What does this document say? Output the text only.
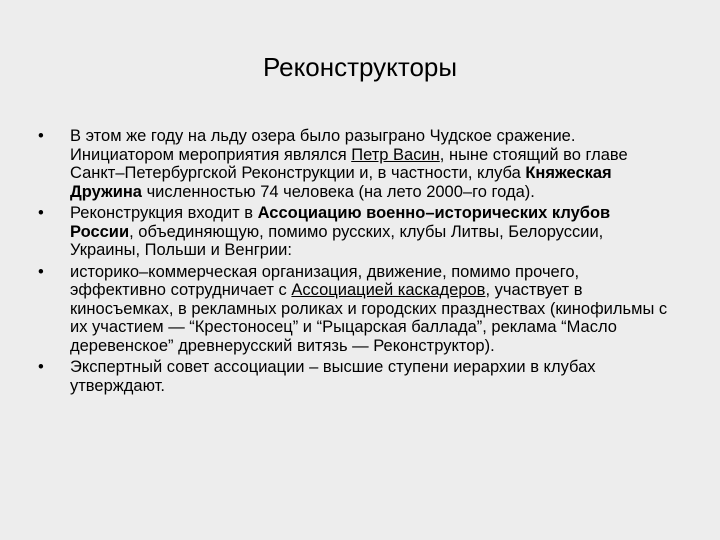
Реконструкторы
• В этом же году на льду озера было разыграно Чудское сражение. Инициатором мероприятия являлся Петр Васин, ныне стоящий во главе Санкт–Петербургской Реконструкции и, в частности, клуба Княжеская Дружина численностью 74 человека (на лето 2000–го года).
• Реконструкция входит в Ассоциацию военно–исторических клубов России, объединяющую, помимо русских, клубы Литвы, Белоруссии, Украины, Польши и Венгрии:
• историко–коммерческая организация, движение, помимо прочего, эффективно сотрудничает с Ассоциацией каскадеров, участвует в киносъемках, в рекламных роликах и городских празднествах (кинофильмы с их участием — “Крестоносец” и “Рыцарская баллада”, реклама “Масло деревенское” древнерусский витязь — Реконструктор).
• Экспертный совет ассоциации – высшие ступени иерархии в клубах утверждают.
